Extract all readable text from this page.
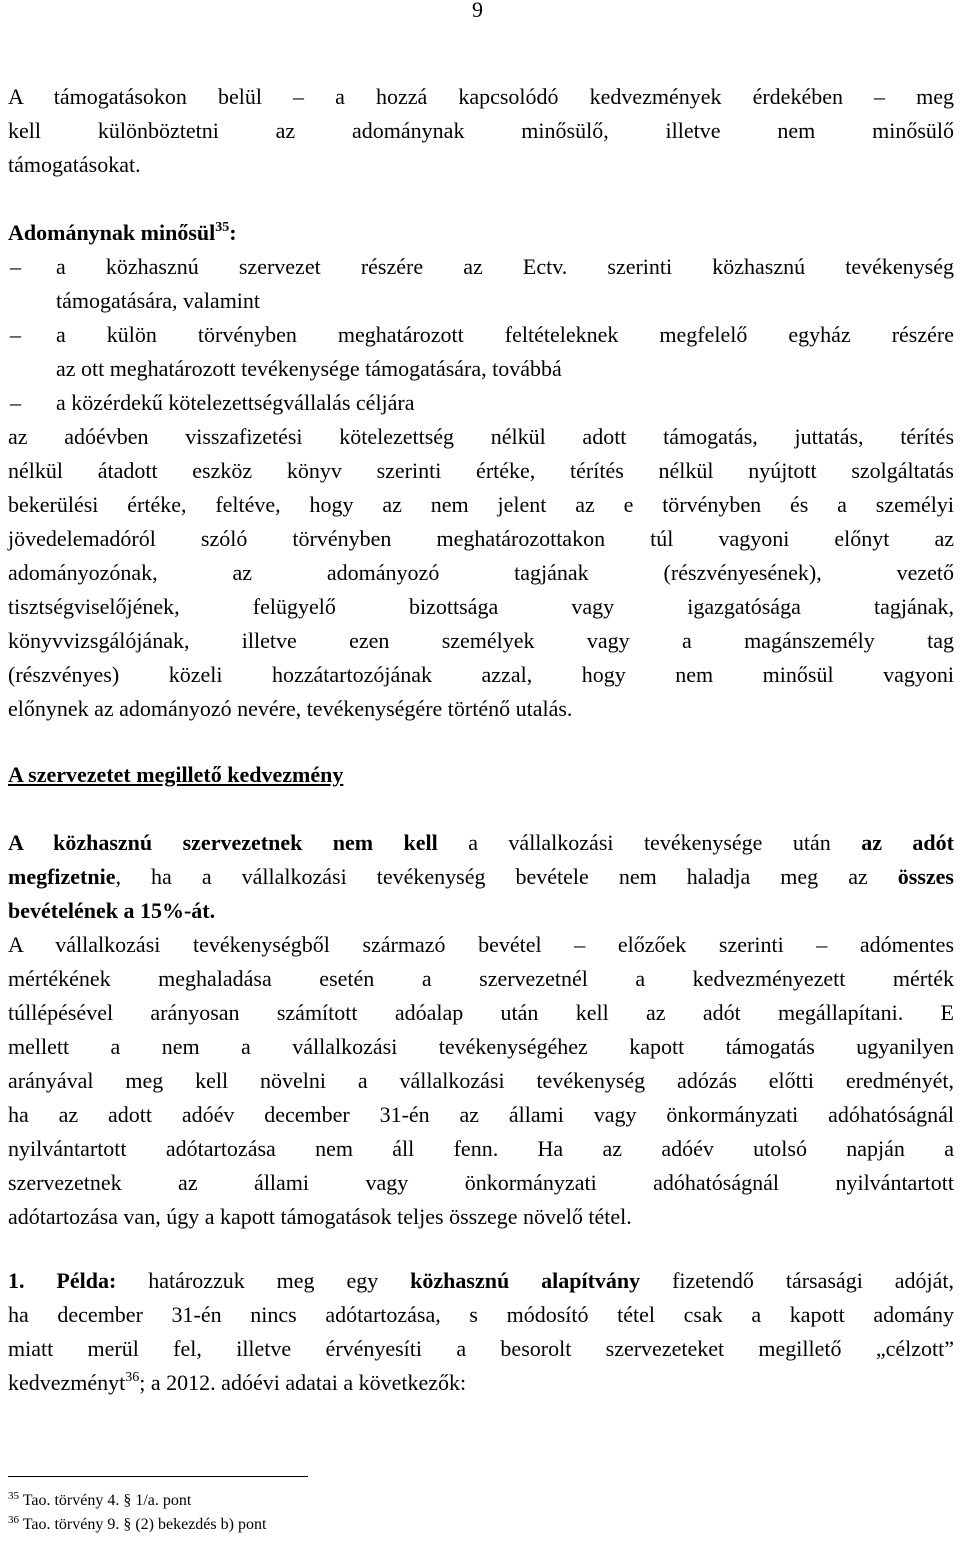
9

A támogatásokon belül – a hozzá kapcsolódó kedvezmények érdekében – meg

kell különböztetni az adománynak minősülő, illetve nem minősülő

támogatásokat.

Adománynak minősül$^{35}$:

– a közhasznú szervezet részére az Ectv. szerinti közhasznú tevékenység

támogatására, valamint

– a külön törvényben meghatározott feltételeknek megfelelő egyház részére

az ott meghatározott tevékenysége támogatására, továbbá

– a közérdekű kötelezettségvállalás céljára

az adóévben visszafizetési kötelezettség nélkül adott támogatás, juttatás, térítés

nélkül átadott eszköz könyv szerinti értéke, térítés nélkül nyújtott szolgáltatás

bekerülési értéke, feltéve, hogy az nem jelent az e törvényben és a személyi

jövedelemadóról szóló törvényben meghatározottakon túl vagyoni előnyt az

adományozónak, az adományozó tagjának (részvényesének), vezető

tisztségviselőjének, felügyelő bizottsága vagy igazgatósága tagjának,

könyvvizsgálójának, illetve ezen személyek vagy a magánszemély tag

(részvényes) közeli hozzátartozójának azzal, hogy nem minősül vagyoni

előnynek az adományozó nevére, tevékenységére történő utalás.

A szervezetet megillető kedvezmény

A közhasznú szervezetnek nem kell a vállalkozási tevékenysége után az adót

megfizetnie, ha a vállalkozási tevékenység bevétele nem haladja meg az összes

bevételének a 15%-át.

A vállalkozási tevékenységből származó bevétel – előzőek szerinti – adómentes

mértékének meghaladása esetén a szervezetnél a kedvezményezett mérték

túllépésével arányosan számított adóalap után kell az adót megállapítani. E

mellett a nem a vállalkozási tevékenységéhez kapott támogatás ugyanilyen

arányával meg kell növelni a vállalkozási tevékenység adózás előtti eredményét,

ha az adott adóév december 31-én az állami vagy önkormányzati adóhatóságnál

nyilvántartott adótartozása nem áll fenn. Ha az adóév utolsó napján a

szervezetnek az állami vagy önkormányzati adóhatóságnál nyilvántartott

adótartozása van, úgy a kapott támogatások teljes összege növelő tétel.

1. Példa: határozzuk meg egy közhasznú alapítvány fizetendő társasági adóját,

ha december 31-én nincs adótartozása, s módosító tétel csak a kapott adomány

miatt merül fel, illetve érvényesíti a besorolt szervezeteket megillető „célzott”

kedvezményt$^{36}$; a 2012. adóévi adatai a következők:

$^{35}$ Tao. törvény 4. § 1/a. pont
$^{36}$ Tao. törvény 9. § (2) bekezdés b) pont
